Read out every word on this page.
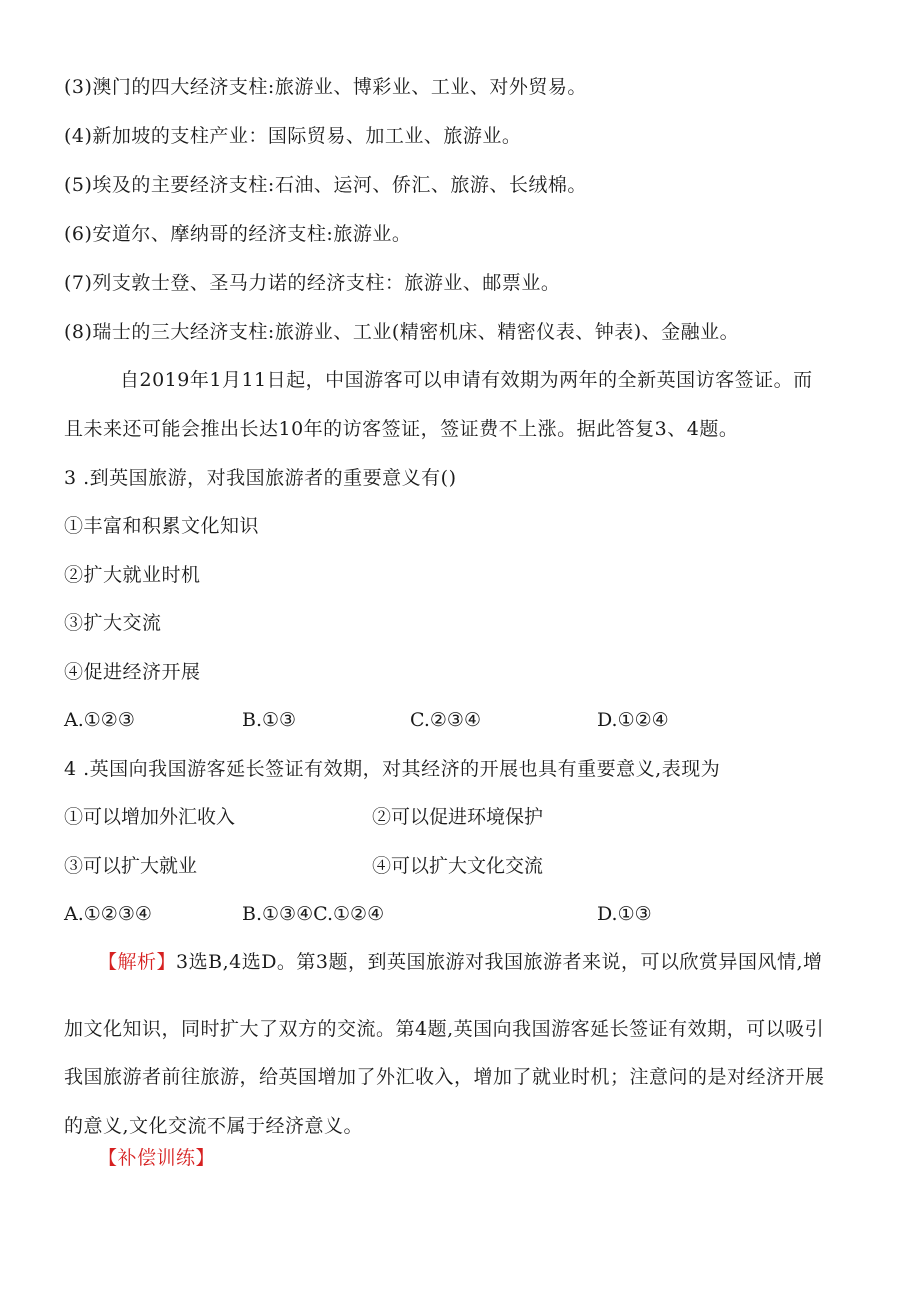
(3)澳门的四大经济支柱:旅游业、博彩业、工业、对外贸易。
(4)新加坡的支柱产业：国际贸易、加工业、旅游业。
(5)埃及的主要经济支柱:石油、运河、侨汇、旅游、长绒棉。
(6)安道尔、摩纳哥的经济支柱:旅游业。
(7)列支敦士登、圣马力诺的经济支柱：旅游业、邮票业。
(8)瑞士的三大经济支柱:旅游业、工业(精密机床、精密仪表、钟表)、金融业。
自2019年1月11日起，中国游客可以申请有效期为两年的全新英国访客签证。而
且未来还可能会推出长达10年的访客签证，签证费不上涨。据此答复3、4题。
3 .到英国旅游，对我国旅游者的重要意义有()
①丰富和积累文化知识
②扩大就业时机
③扩大交流
④促进经济开展
A.①②③	B.①③	C.②③④	D.①②④
4 .英国向我国游客延长签证有效期，对其经济的开展也具有重要意义,表现为
①可以增加外汇收入	②可以促进环境保护
③可以扩大就业	④可以扩大文化交流
A.①②③④	B.①③④C.①②④	D.①③
【解析】3选B,4选D。第3题，到英国旅游对我国旅游者来说，可以欣赏异国风情,增
加文化知识，同时扩大了双方的交流。第4题,英国向我国游客延长签证有效期，可以吸引
我国旅游者前往旅游，给英国增加了外汇收入，增加了就业时机；注意问的是对经济开展
的意义,文化交流不属于经济意义。
【补偿训练】
